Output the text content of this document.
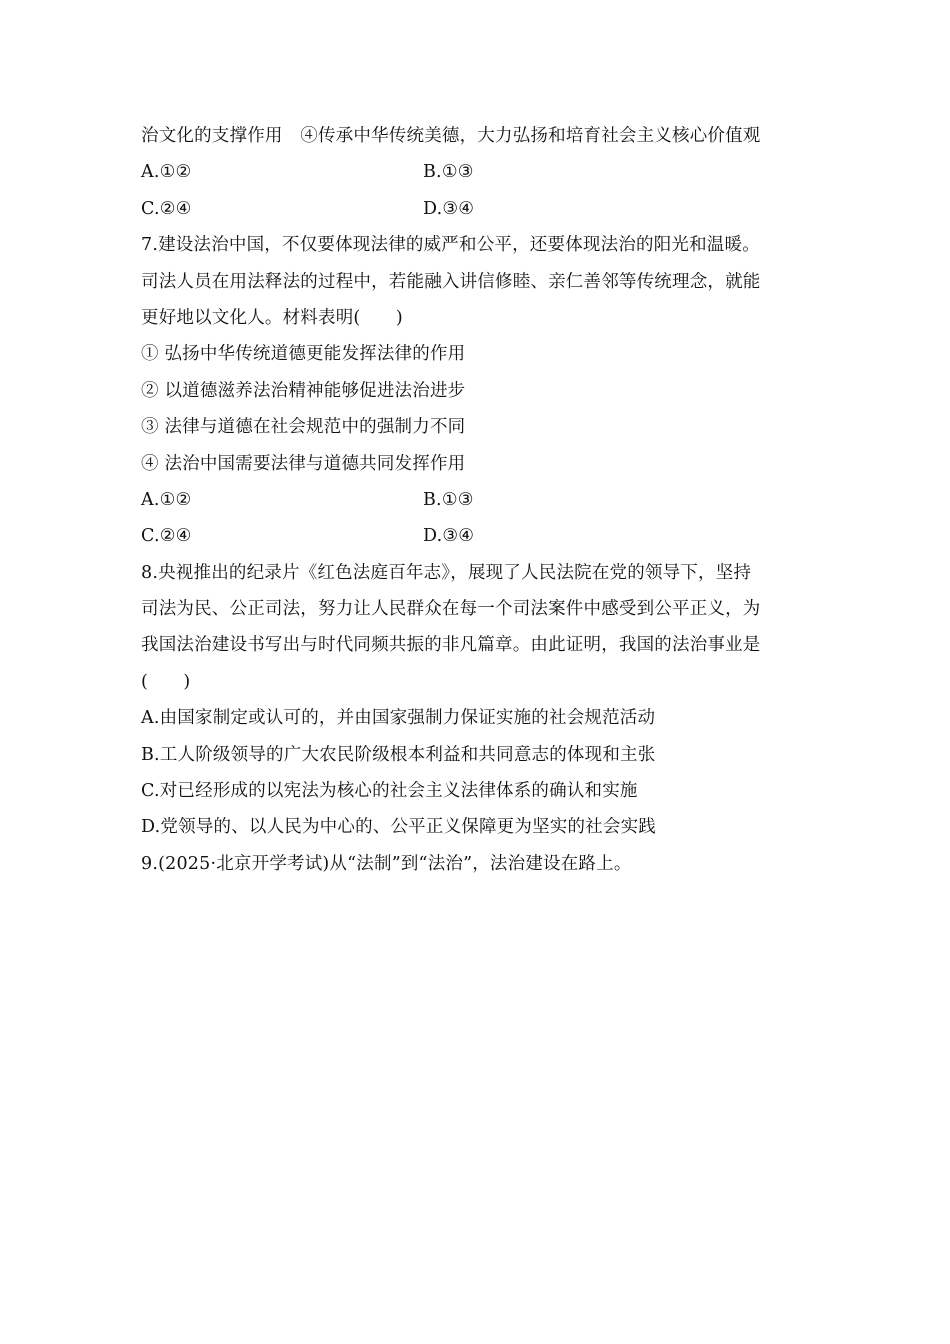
治文化的支撑作用　④传承中华传统美德，大力弘扬和培育社会主义核心价值观
A.①②	B.①③
C.②④	D.③④
7.建设法治中国，不仅要体现法律的威严和公平，还要体现法治的阳光和温暖。
司法人员在用法释法的过程中，若能融入讲信修睦、亲仁善邻等传统理念，就能
更好地以文化人。材料表明(　　)
① 弘扬中华传统道德更能发挥法律的作用
② 以道德滋养法治精神能够促进法治进步
③ 法律与道德在社会规范中的强制力不同
④ 法治中国需要法律与道德共同发挥作用
A.①②	B.①③
C.②④	D.③④
8.央视推出的纪录片《红色法庭百年志》，展现了人民法院在党的领导下，坚持
司法为民、公正司法，努力让人民群众在每一个司法案件中感受到公平正义，为
我国法治建设书写出与时代同频共振的非凡篇章。由此证明，我国的法治事业是
(　　)
A.由国家制定或认可的，并由国家强制力保证实施的社会规范活动
B.工人阶级领导的广大农民阶级根本利益和共同意志的体现和主张
C.对已经形成的以宪法为核心的社会主义法律体系的确认和实施
D.党领导的、以人民为中心的、公平正义保障更为坚实的社会实践
9.(2025·北京开学考试)从“法制”到“法治”，法治建设在路上。
